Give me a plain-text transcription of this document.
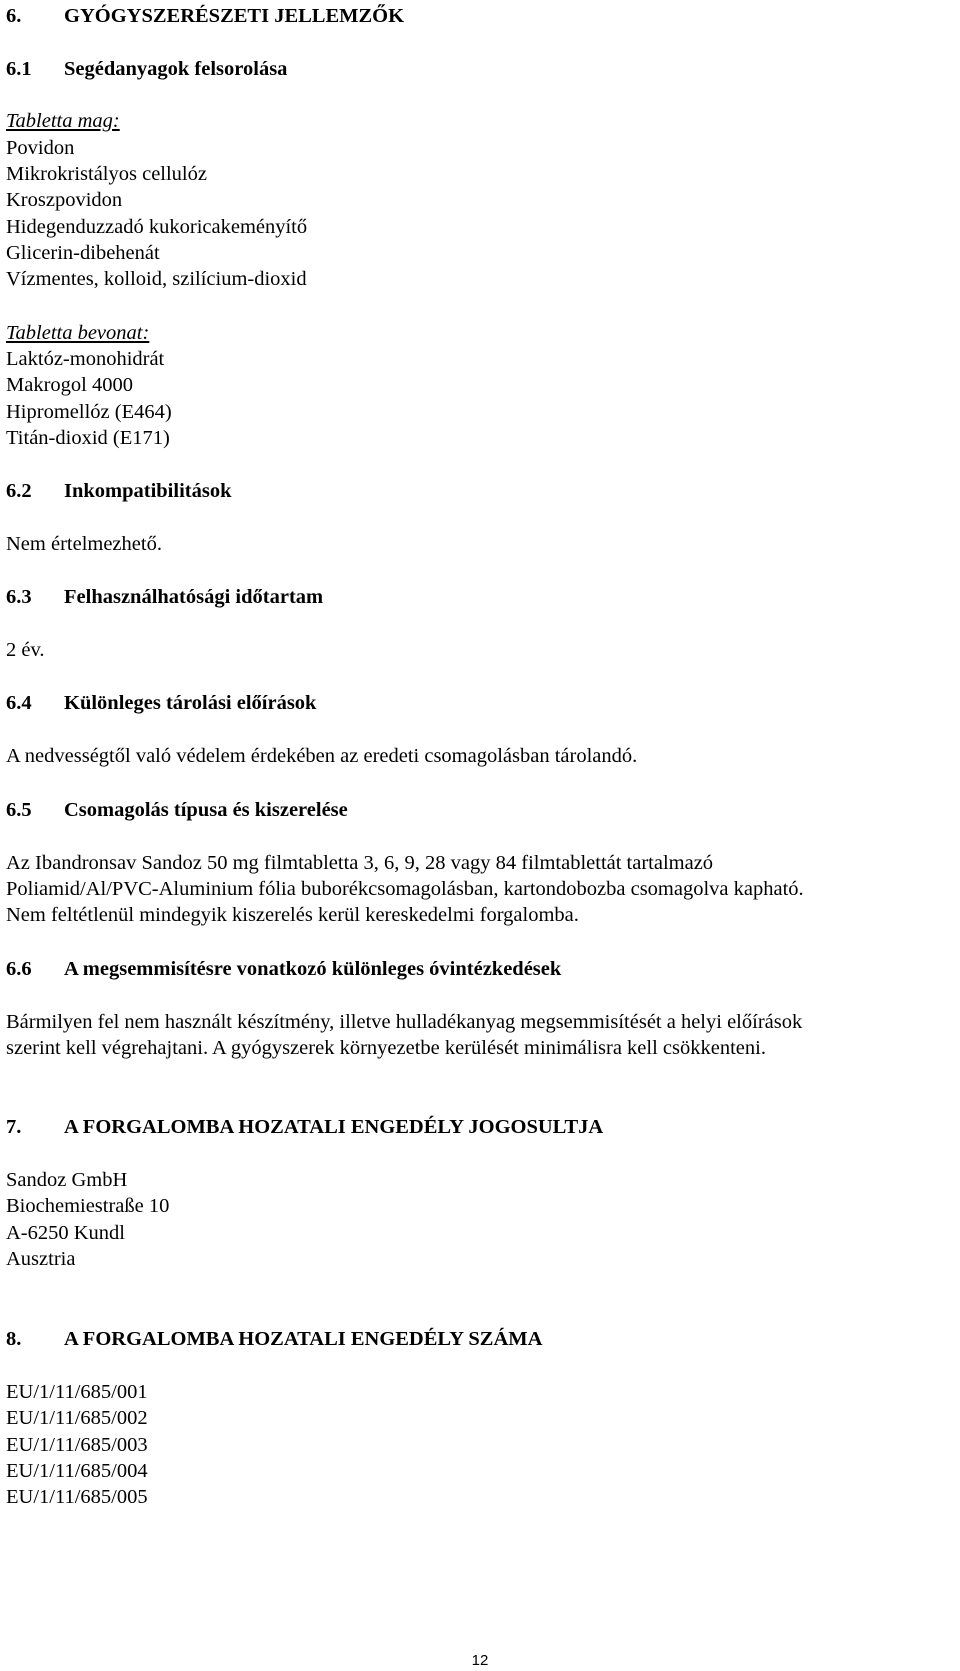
6. GYÓGYSZERÉSZETI JELLEMZŐK
6.1 Segédanyagok felsorolása
Tabletta mag:
Povidon
Mikrokristályos cellulóz
Kroszpovidon
Hidegenduzzadó kukoricakeményítő
Glicerin-dibehenát
Vízmentes, kolloid, szilícium-dioxid
Tabletta bevonat:
Laktóz-monohidrát
Makrogol 4000
Hipromellóz (E464)
Titán-dioxid (E171)
6.2 Inkompatibilitások
Nem értelmezhető.
6.3 Felhasználhatósági időtartam
2 év.
6.4 Különleges tárolási előírások
A nedvességtől való védelem érdekében az eredeti csomagolásban tárolandó.
6.5 Csomagolás típusa és kiszerelése
Az Ibandronsav Sandoz 50 mg filmtabletta 3, 6, 9, 28 vagy 84 filmtablettát tartalmazó
Poliamid/Al/PVC-Aluminium fólia buborékcsomagolásban, kartondobozba csomagolva kapható.
Nem feltétlenül mindegyik kiszerelés kerül kereskedelmi forgalomba.
6.6 A megsemmisítésre vonatkozó különleges óvintézkedések
Bármilyen fel nem használt készítmény, illetve hulladékanyag megsemmisítését a helyi előírások
szerint kell végrehajtani. A gyógyszerek környezetbe kerülését minimálisra kell csökkenteni.
7. A FORGALOMBA HOZATALI ENGEDÉLY JOGOSULTJA
Sandoz GmbH
Biochemiestraße 10
A-6250 Kundl
Ausztria
8. A FORGALOMBA HOZATALI ENGEDÉLY SZÁMA
EU/1/11/685/001
EU/1/11/685/002
EU/1/11/685/003
EU/1/11/685/004
EU/1/11/685/005
12
